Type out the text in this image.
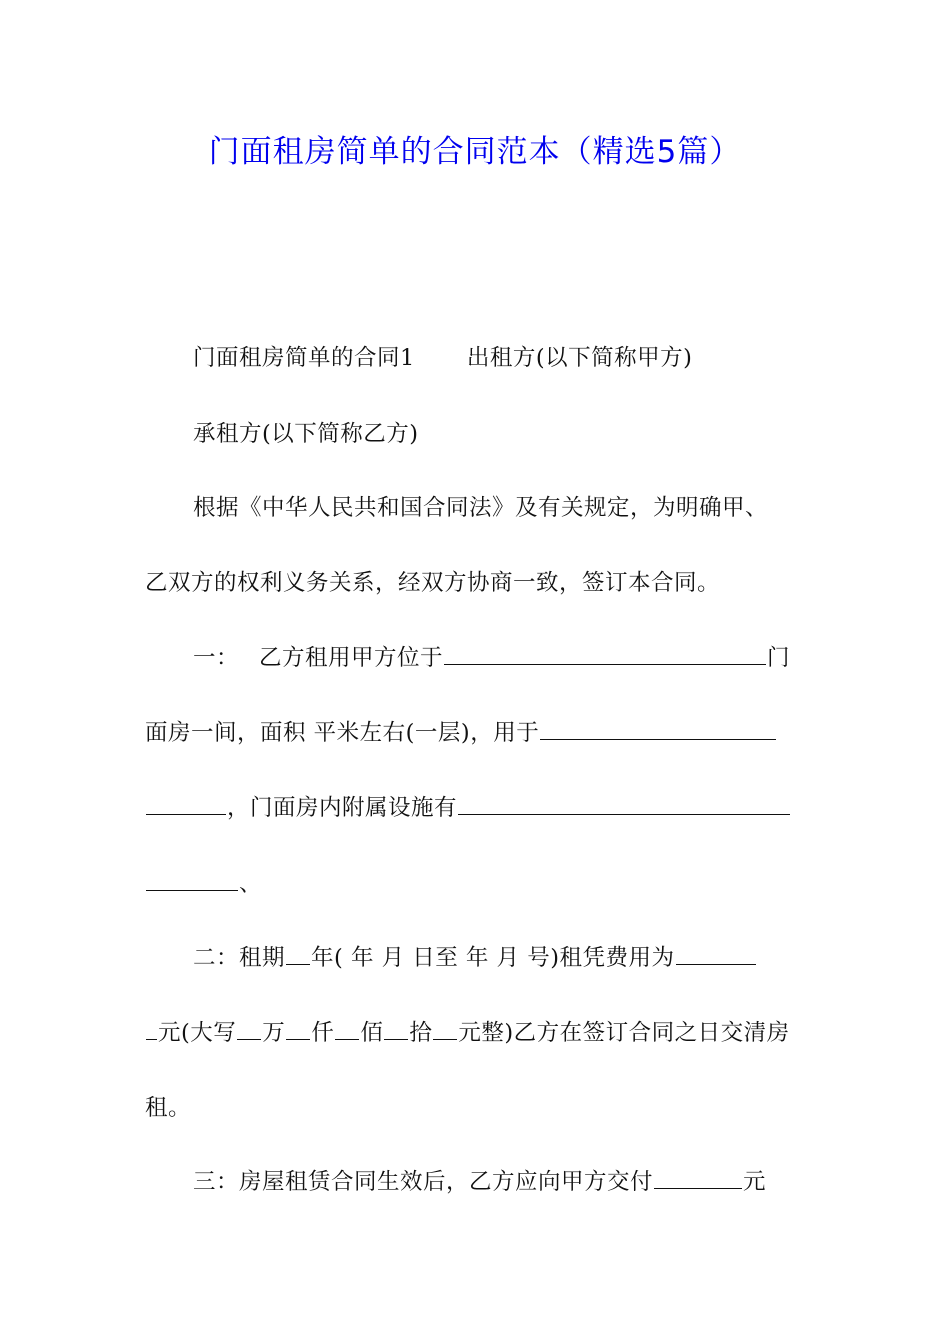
门面租房简单的合同范本（精选5篇）
门面租房简单的合同1 出租方(以下简称甲方)
承租方(以下简称乙方)
根据《中华人民共和国合同法》及有关规定，为明确甲、
乙双方的权利义务关系，经双方协商一致，签订本合同。
一： 乙方租用甲方位于	门
面房一间，面积 平米左右(一层)，用于
，门面房内附属设施有
、
二：租期 年( 年 月 日至 年 月 号)租凭费用为
元(大写 万 仟 佰 拾 元整)乙方在签订合同之日交清房
租。
三：房屋租赁合同生效后，乙方应向甲方交付	元
